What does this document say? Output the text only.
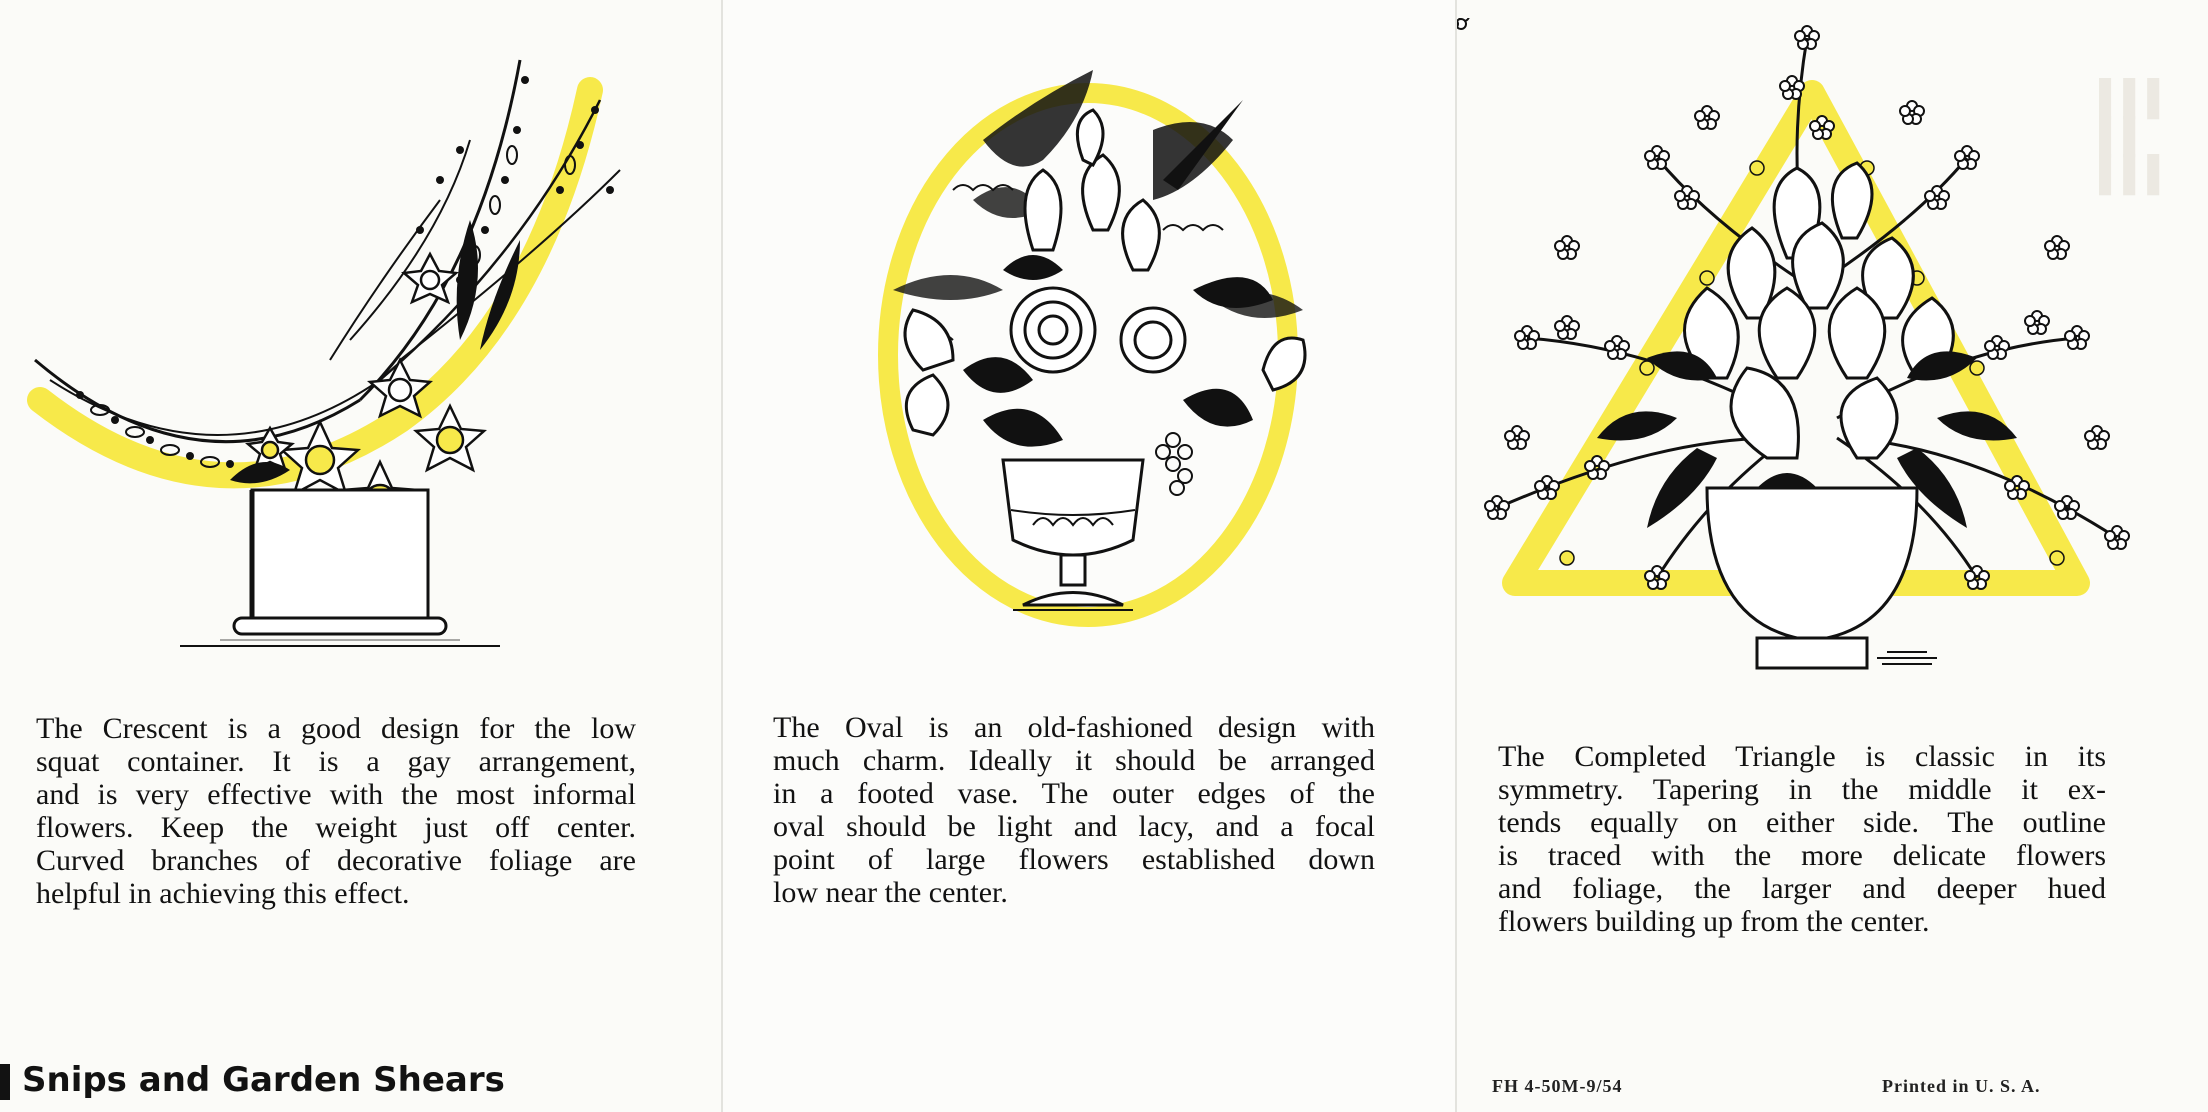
The Crescent is a good design for the low
squat container. It is a gay arrangement,
and is very effective with the most informal
flowers. Keep the weight just off center.
Curved branches of decorative foliage are
helpful in achieving this effect.

Snips and Garden Shears

The Oval is an old-fashioned design with
much charm. Ideally it should be arranged
in a footed vase. The outer edges of the
oval should be light and lacy, and a focal
point of large flowers established down
low near the center.

▐▐▐
▐▐
▐▐▐

The Completed Triangle is classic in its
symmetry. Tapering in the middle it ex-
tends equally on either side. The outline
is traced with the more delicate flowers
and foliage, the larger and deeper hued
flowers building up from the center.

FH 4-50M-9/54	Printed in U. S. A.
